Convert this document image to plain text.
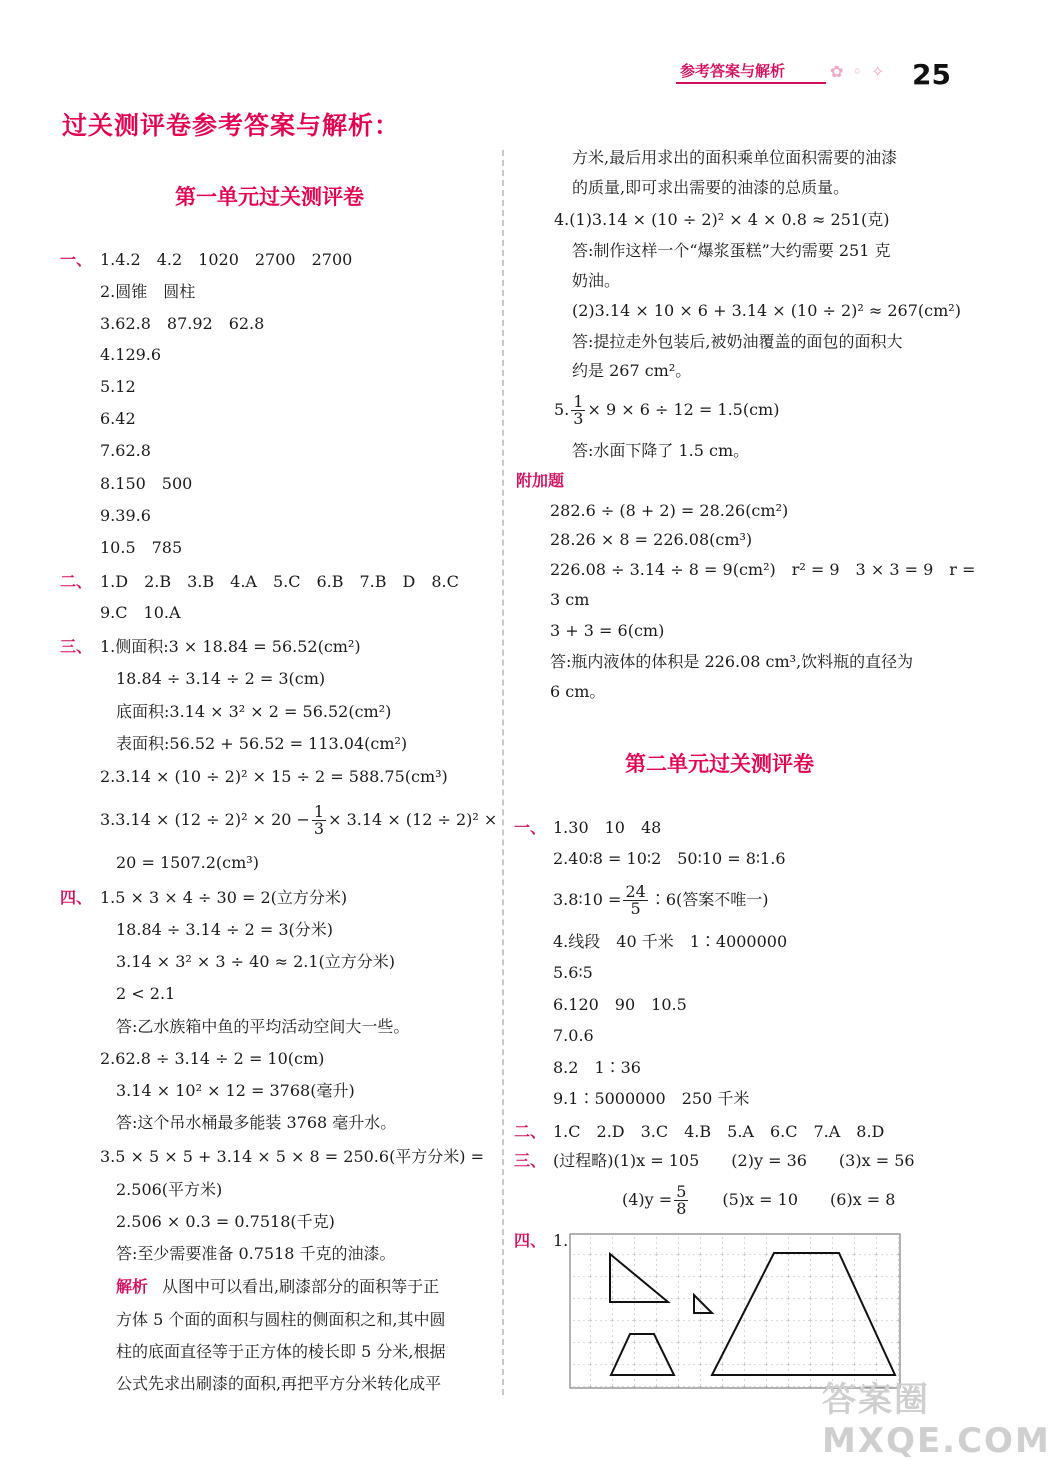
参考答案与解析	✿ ◦ ✧ 25
过关测评卷参考答案与解析：
第一单元过关测评卷
一、 1.4.2　4.2　1020　2700　2700
2.圆锥　圆柱
3.62.8　87.92　62.8
4.129.6
5.12
6.42
7.62.8
8.150　500
9.39.6
10.5　785
二、 1.D　2.B　3.B　4.A　5.C　6.B　7.B　D　8.C
9.C　10.A
三、 1.侧面积:3 × 18.84 = 56.52(cm²)
18.84 ÷ 3.14 ÷ 2 = 3(cm)
底面积:3.14 × 3² × 2 = 56.52(cm²)
表面积:56.52 + 56.52 = 113.04(cm²)
2.3.14 × (10 ÷ 2)² × 15 ÷ 2 = 588.75(cm³)
$3.3.14 \times (12 \div 2)^2 \times 20 - \frac{1}{3} \times 3.14 \times (12 \div 2)^2$ ×
20 = 1507.2(cm³)
四、 1.5 × 3 × 4 ÷ 30 = 2(立方分米)
18.84 ÷ 3.14 ÷ 2 = 3(分米)
3.14 × 3² × 3 ÷ 40 ≈ 2.1(立方分米)
2 < 2.1
答:乙水族箱中鱼的平均活动空间大一些。
2.62.8 ÷ 3.14 ÷ 2 = 10(cm)
3.14 × 10² × 12 = 3768(毫升)
答:这个吊水桶最多能装 3768 毫升水。
3.5 × 5 × 5 + 3.14 × 5 × 8 = 250.6(平方分米) =
2.506(平方米)
2.506 × 0.3 = 0.7518(千克)
答:至少需要准备 0.7518 千克的油漆。
解析 从图中可以看出,刷漆部分的面积等于正
方体 5 个面的面积与圆柱的侧面积之和,其中圆
柱的底面直径等于正方体的棱长即 5 分米,根据
公式先求出刷漆的面积,再把平方分米转化成平
方米,最后用求出的面积乘单位面积需要的油漆
的质量,即可求出需要的油漆的总质量。
4.(1)3.14 × (10 ÷ 2)² × 4 × 0.8 ≈ 251(克)
答:制作这样一个“爆浆蛋糕”大约需要 251 克
奶油。
(2)3.14 × 10 × 6 + 3.14 × (10 ÷ 2)² ≈ 267(cm²)
答:提拉走外包装后,被奶油覆盖的面包的面积大
约是 267 cm²。
5. $\frac{1}{3} \times 9 \times 6 \div 12 = 1.5(cm)$
答:水面下降了 1.5 cm。
附加题
282.6 ÷ (8 + 2) = 28.26(cm²)
28.26 × 8 = 226.08(cm³)
226.08 ÷ 3.14 ÷ 8 = 9(cm²)　r² = 9　3 × 3 = 9　r =
3 cm
3 + 3 = 6(cm)
答:瓶内液体的体积是 226.08 cm³,饮料瓶的直径为
6 cm。
第二单元过关测评卷
一、 1.30　10　48
2.40∶8 = 10∶2　50∶10 = 8∶1.6
3.8∶10 = $\frac{24}{5}$ ∶6(答案不唯一)
4.线段　40 千米　1∶4000000
5.6∶5
6.120　90　10.5
7.0.6
8.2　1∶36
9.1∶5000000　250 千米
二、 1.C　2.D　3.C　4.B　5.A　6.C　7.A　8.D
三、 (过程略)(1)x = 105　　(2)y = 36　　(3)x = 56
$(4)y = \frac{5}{8}$ 　　(5)x = 10　　(6)x = 8
四、 1.
答案圈 MXQE.COM
